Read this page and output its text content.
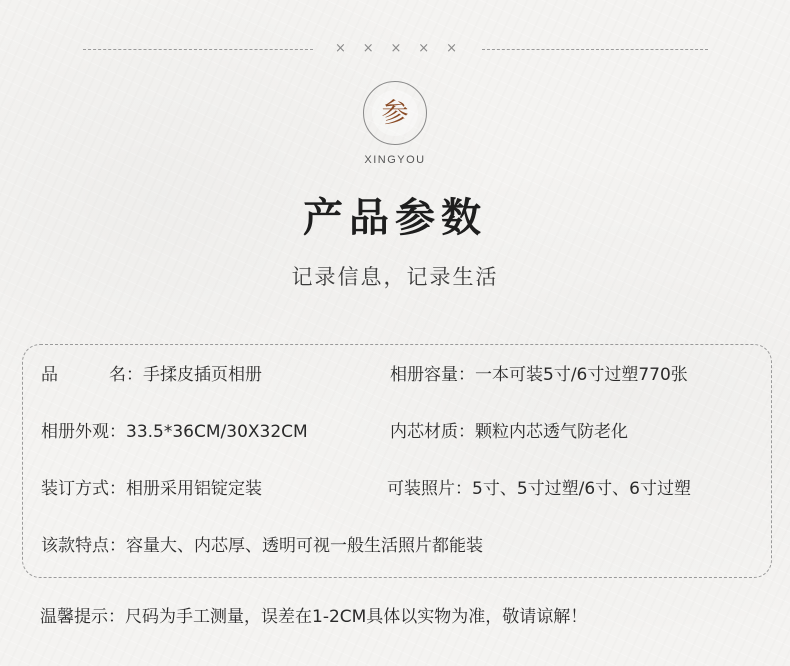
× × × × ×
参
XINGYOU
产品参数
记录信息，记录生活
品 名：手揉皮插页相册	相册容量：一本可装5寸/6寸过塑770张
相册外观：33.5*36CM/30X32CM	内芯材质：颗粒内芯透气防老化
装订方式：相册采用铝锭定装	可装照片：5寸、5寸过塑/6寸、6寸过塑
该款特点：容量大、内芯厚、透明可视一般生活照片都能装
温馨提示：尺码为手工测量，误差在1-2CM具体以实物为准，敬请谅解！
